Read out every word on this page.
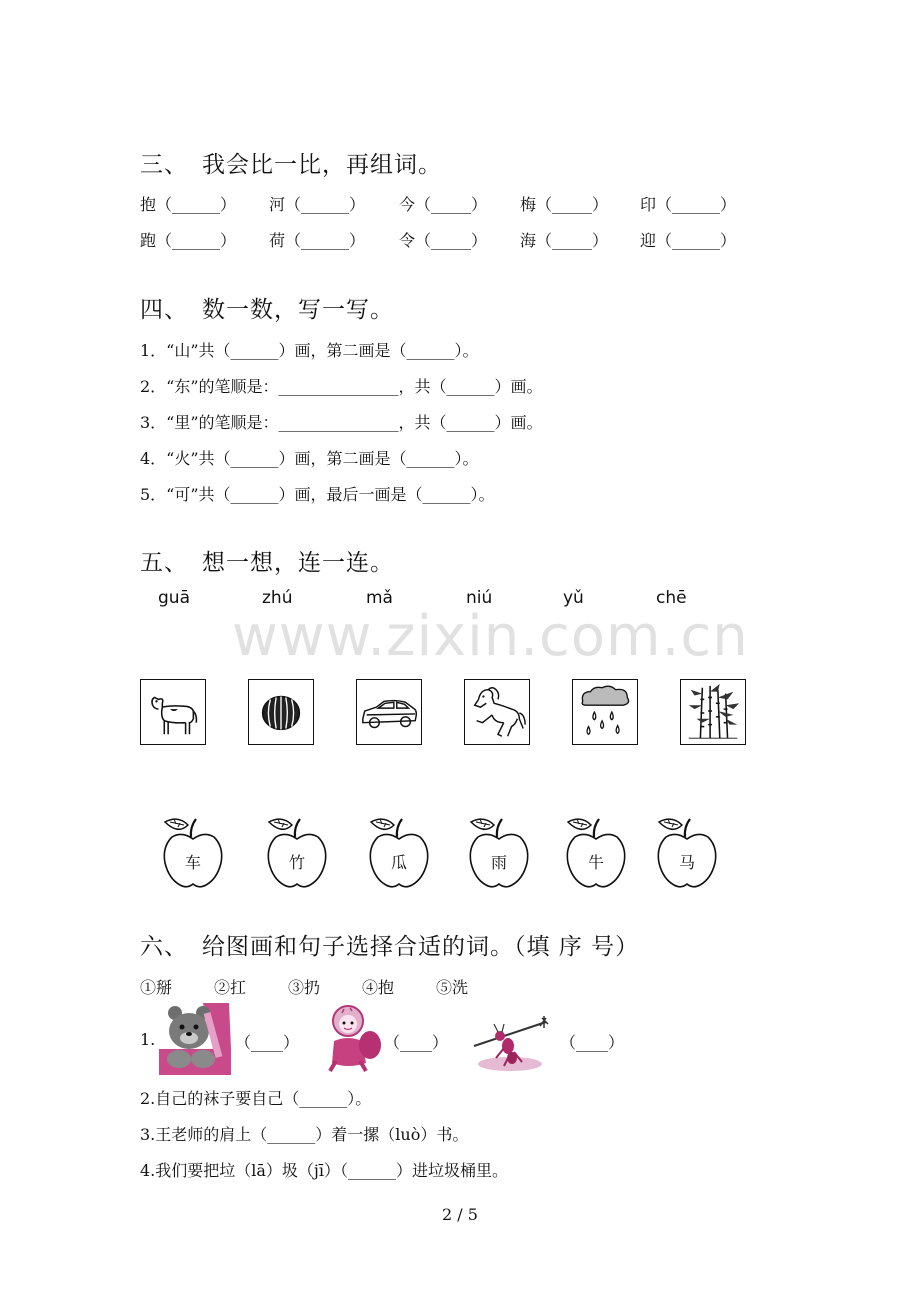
三、 我会比一比，再组词。
抱（______） 河（______） 今（_____） 梅（_____） 印（______）
跑（______） 荷（______） 令（_____） 海（_____） 迎（______）
四、 数一数，写一写。
1．“山”共（______）画，第二画是（______）。
2．“东”的笔顺是：_______________，共（______）画。
3．“里”的笔顺是：_______________，共（______）画。
4．“火”共（______）画，第二画是（______）。
5．“可”共（______）画，最后一画是（______）。
五、 想一想，连一连。
guā	zhú	mǎ	niú	yǔ	chē
www.zixin.com.cn
车	竹	瓜	雨	牛	马
六、 给图画和句子选择合适的词。（填 序 号）
①掰	②扛	③扔	④抱	⑤洗
1.	（____）	（____）	（____）
2.自己的袜子要自己（______）。
3.王老师的肩上（______）着一摞（luò）书。
4.我们要把垃（lā）圾（jī）（______）进垃圾桶里。
2 / 5
